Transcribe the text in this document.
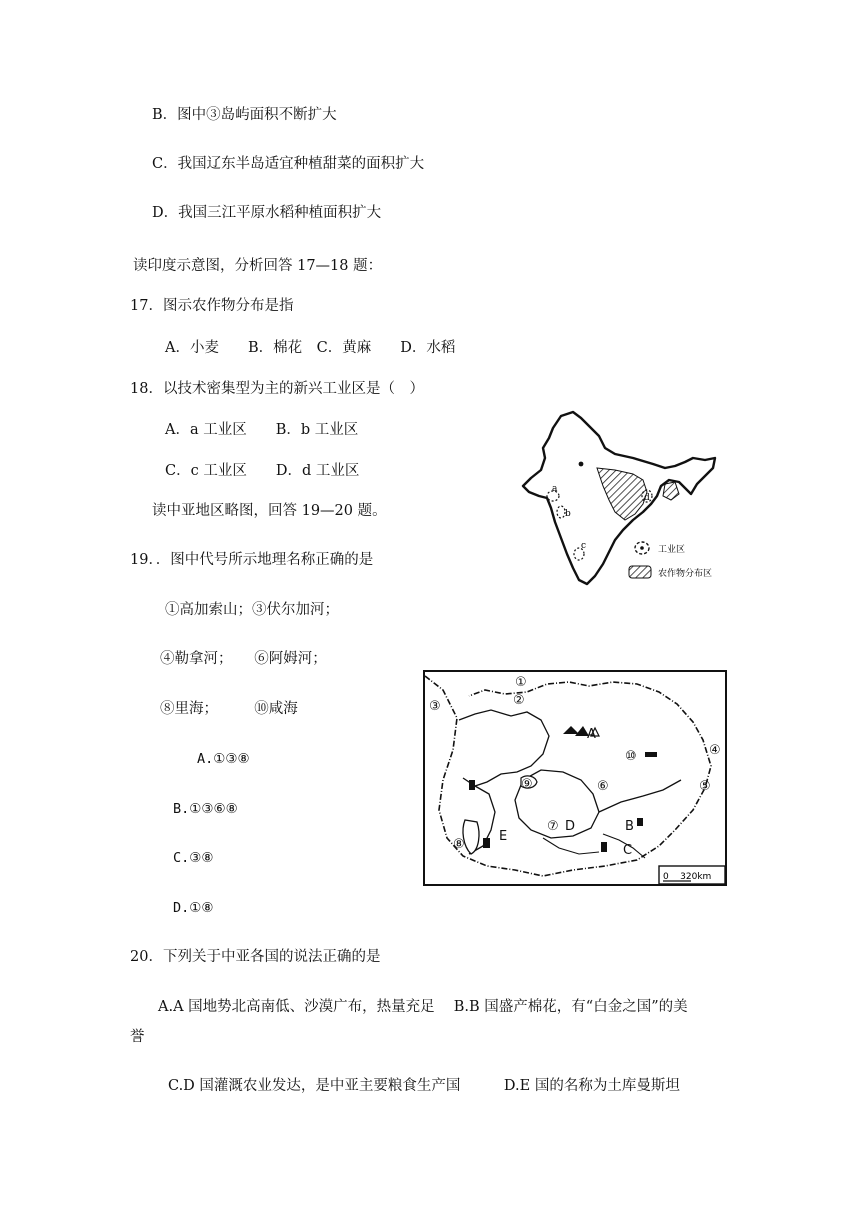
B．图中③岛屿面积不断扩大
C．我国辽东半岛适宜种植甜菜的面积扩大
D．我国三江平原水稻种植面积扩大
读印度示意图，分析回答 17—18 题：
17．图示农作物分布是指
A．小麦　　B．棉花　C．黄麻　　D．水稻
18．以技术密集型为主的新兴工业区是（　）
A．a 工业区　　B．b 工业区
C．c 工业区　　D．d 工业区
读中亚地区略图，回答 19—20 题。
19．．图中代号所示地理名称正确的是
①高加索山；③伏尔加河；
④勒拿河；　　⑥阿姆河；
⑧里海；　　　⑩咸海
A.①③⑧
B.①③⑥⑧
C.③⑧
D.①⑧
20．下列关于中亚各国的说法正确的是
A.A 国地势北高南低、沙漠广布，热量充足　 B.B 国盛产棉花，有“白金之国”的美
誉
C.D 国灌溉农业发达，是中亚主要粮食生产国　　　D.E 国的名称为土库曼斯坦
a
b
c
d
工业区
农作物分布区
①
②
③
④
⑤
⑥
⑦
⑧
⑨
⑩
A
B
C
D
E
0    320km
